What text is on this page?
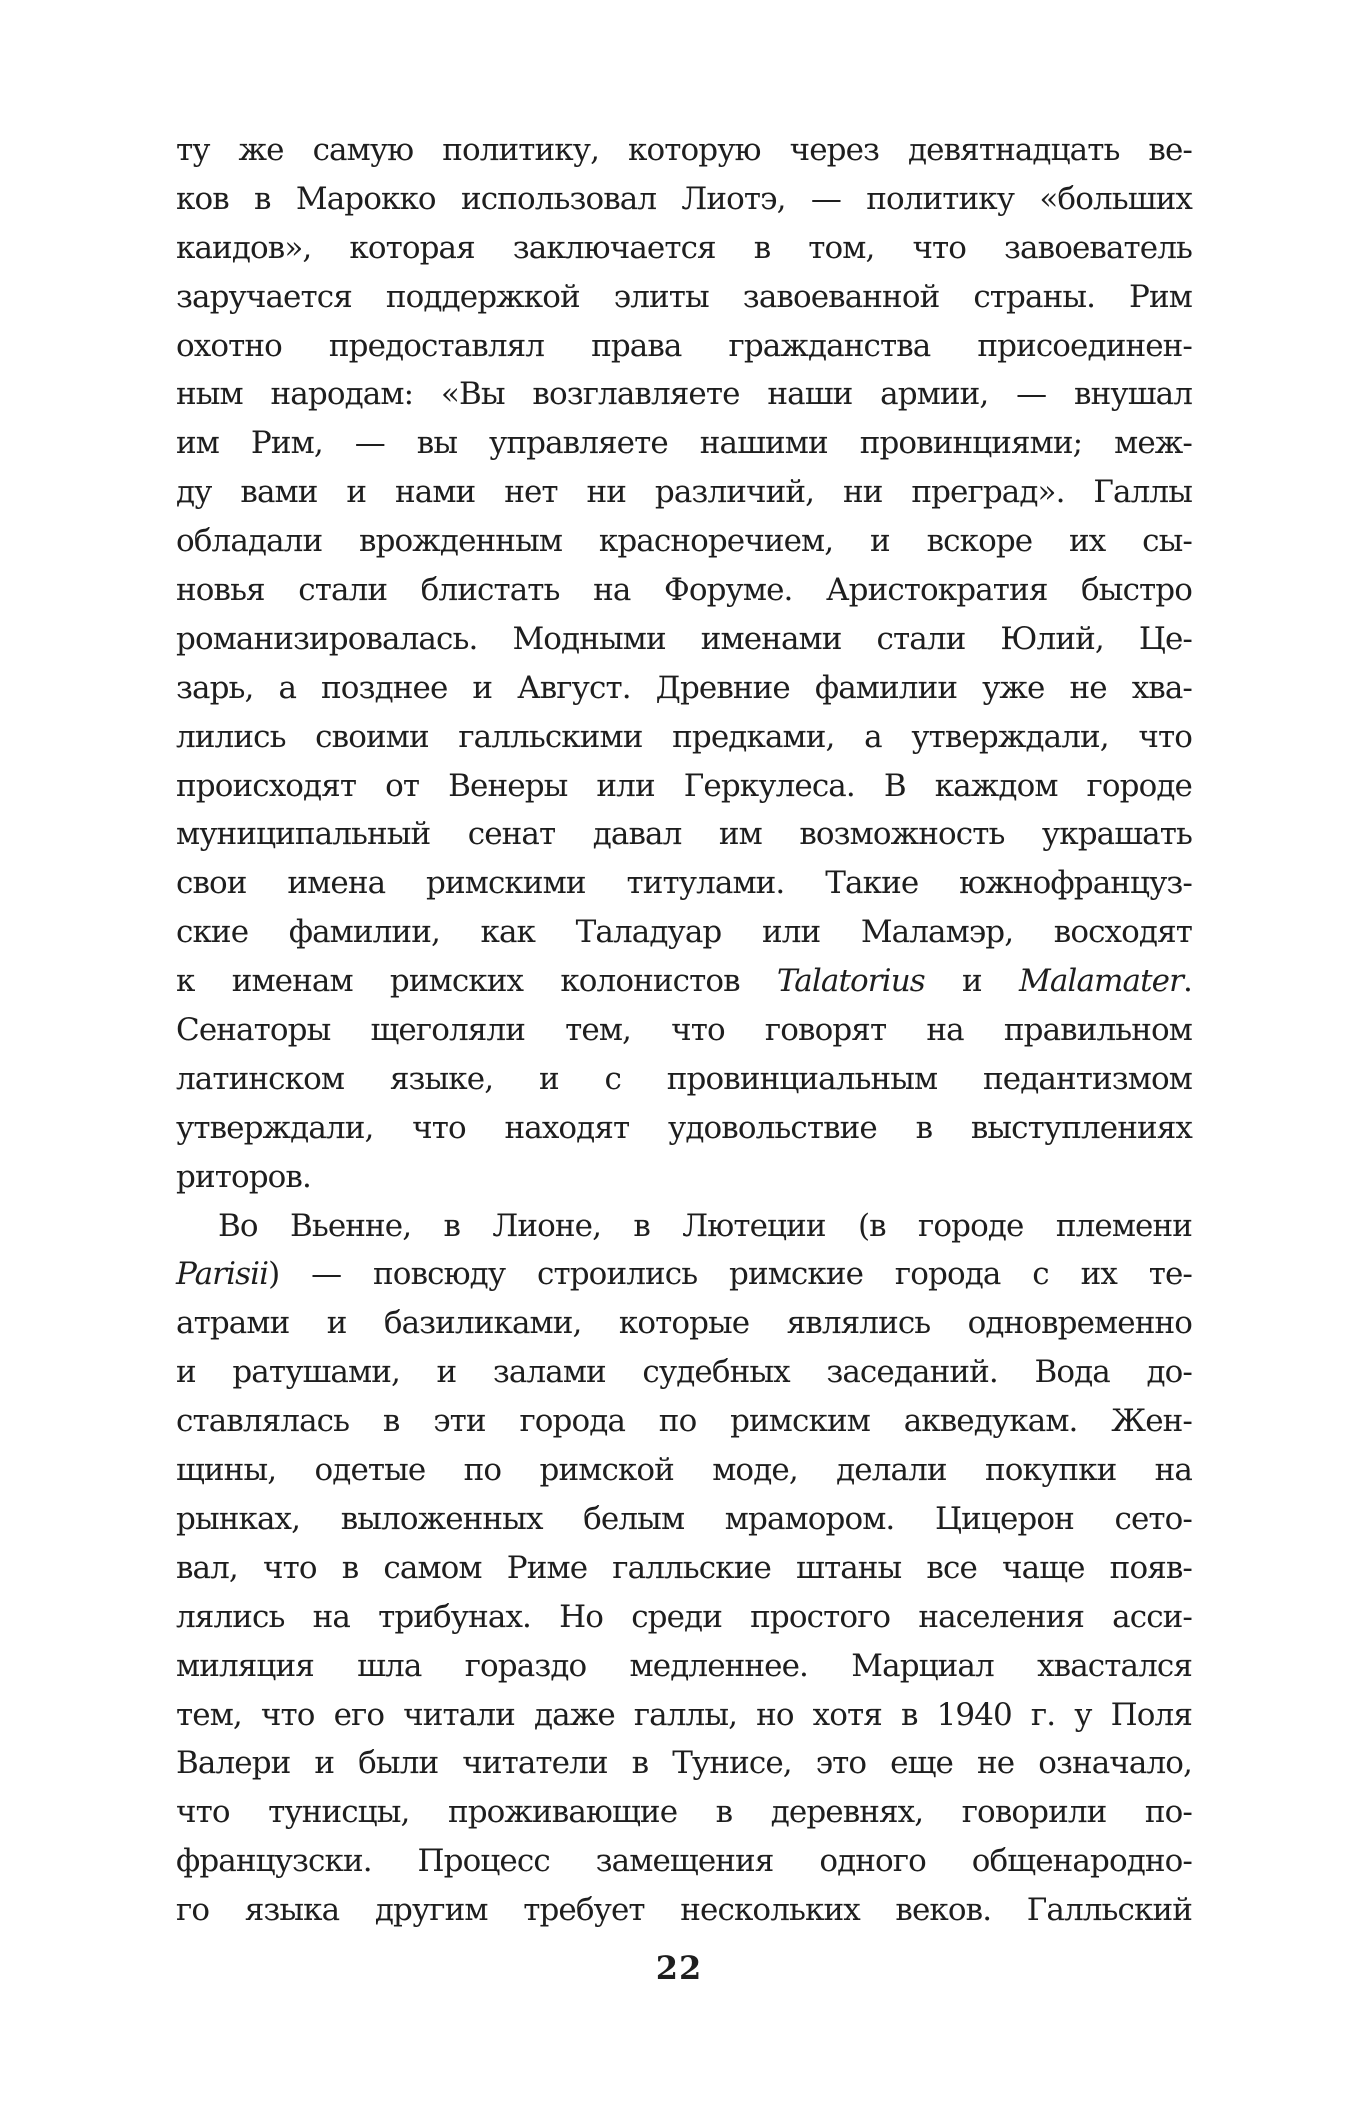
ту же самую политику, которую через девятнадцать ве-
ков в Марокко использовал Лиотэ, — политику «больших
каидов», которая заключается в том, что завоеватель
заручается поддержкой элиты завоеванной страны. Рим
охотно предоставлял права гражданства присоединен-
ным народам: «Вы возглавляете наши армии, — внушал
им Рим, — вы управляете нашими провинциями; меж-
ду вами и нами нет ни различий, ни преград». Галлы
обладали врожденным красноречием, и вскоре их сы-
новья стали блистать на Форуме. Аристократия быстро
романизировалась. Модными именами стали Юлий, Це-
зарь, а позднее и Август. Древние фамилии уже не хва-
лились своими галльскими предками, а утверждали, что
происходят от Венеры или Геркулеса. В каждом городе
муниципальный сенат давал им возможность украшать
свои имена римскими титулами. Такие южнофранцуз-
ские фамилии, как Таладуар или Маламэр, восходят
к именам римских колонистов Talatorius и Malamater.
Сенаторы щеголяли тем, что говорят на правильном
латинском языке, и с провинциальным педантизмом
утверждали, что находят удовольствие в выступлениях
риторов.
Во Вьенне, в Лионе, в Лютеции (в городе племени
Parisii) — повсюду строились римские города с их те-
атрами и базиликами, которые являлись одновременно
и ратушами, и залами судебных заседаний. Вода до-
ставлялась в эти города по римским акведукам. Жен-
щины, одетые по римской моде, делали покупки на
рынках, выложенных белым мрамором. Цицерон сето-
вал, что в самом Риме галльские штаны все чаще появ-
лялись на трибунах. Но среди простого населения асси-
миляция шла гораздо медленнее. Марциал хвастался
тем, что его читали даже галлы, но хотя в 1940 г. у Поля
Валери и были читатели в Тунисе, это еще не означало,
что тунисцы, проживающие в деревнях, говорили по-
французски. Процесс замещения одного общенародно-
го языка другим требует нескольких веков. Галльский
22
